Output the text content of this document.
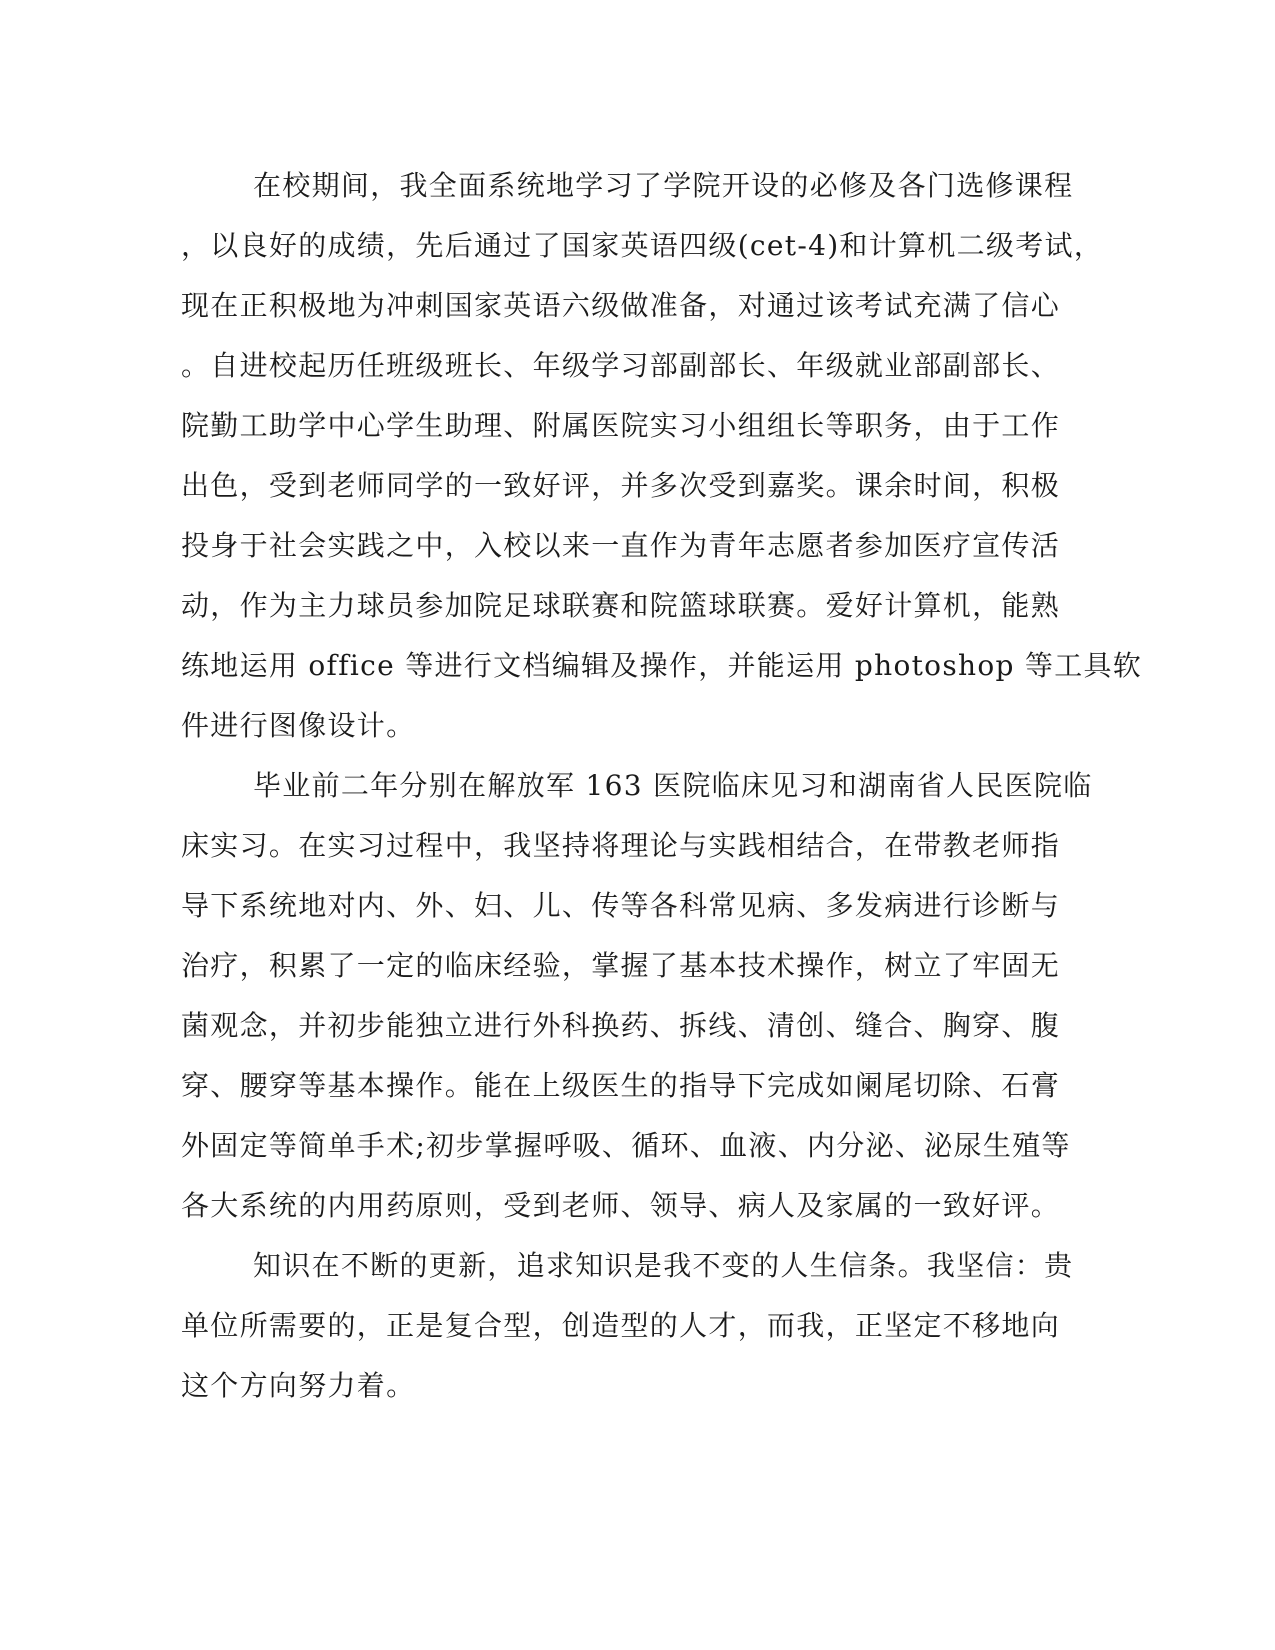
在校期间，我全面系统地学习了学院开设的必修及各门选修课程
，以良好的成绩，先后通过了国家英语四级(cet-4)和计算机二级考试，
现在正积极地为冲刺国家英语六级做准备，对通过该考试充满了信心
。自进校起历任班级班长、年级学习部副部长、年级就业部副部长、
院勤工助学中心学生助理、附属医院实习小组组长等职务，由于工作
出色，受到老师同学的一致好评，并多次受到嘉奖。课余时间，积极
投身于社会实践之中，入校以来一直作为青年志愿者参加医疗宣传活
动，作为主力球员参加院足球联赛和院篮球联赛。爱好计算机，能熟
练地运用 office 等进行文档编辑及操作，并能运用 photoshop 等工具软
件进行图像设计。
毕业前二年分别在解放军 163 医院临床见习和湖南省人民医院临
床实习。在实习过程中，我坚持将理论与实践相结合，在带教老师指
导下系统地对内、外、妇、儿、传等各科常见病、多发病进行诊断与
治疗，积累了一定的临床经验，掌握了基本技术操作，树立了牢固无
菌观念，并初步能独立进行外科换药、拆线、清创、缝合、胸穿、腹
穿、腰穿等基本操作。能在上级医生的指导下完成如阑尾切除、石膏
外固定等简单手术;初步掌握呼吸、循环、血液、内分泌、泌尿生殖等
各大系统的内用药原则，受到老师、领导、病人及家属的一致好评。
知识在不断的更新，追求知识是我不变的人生信条。我坚信：贵
单位所需要的，正是复合型，创造型的人才，而我，正坚定不移地向
这个方向努力着。
